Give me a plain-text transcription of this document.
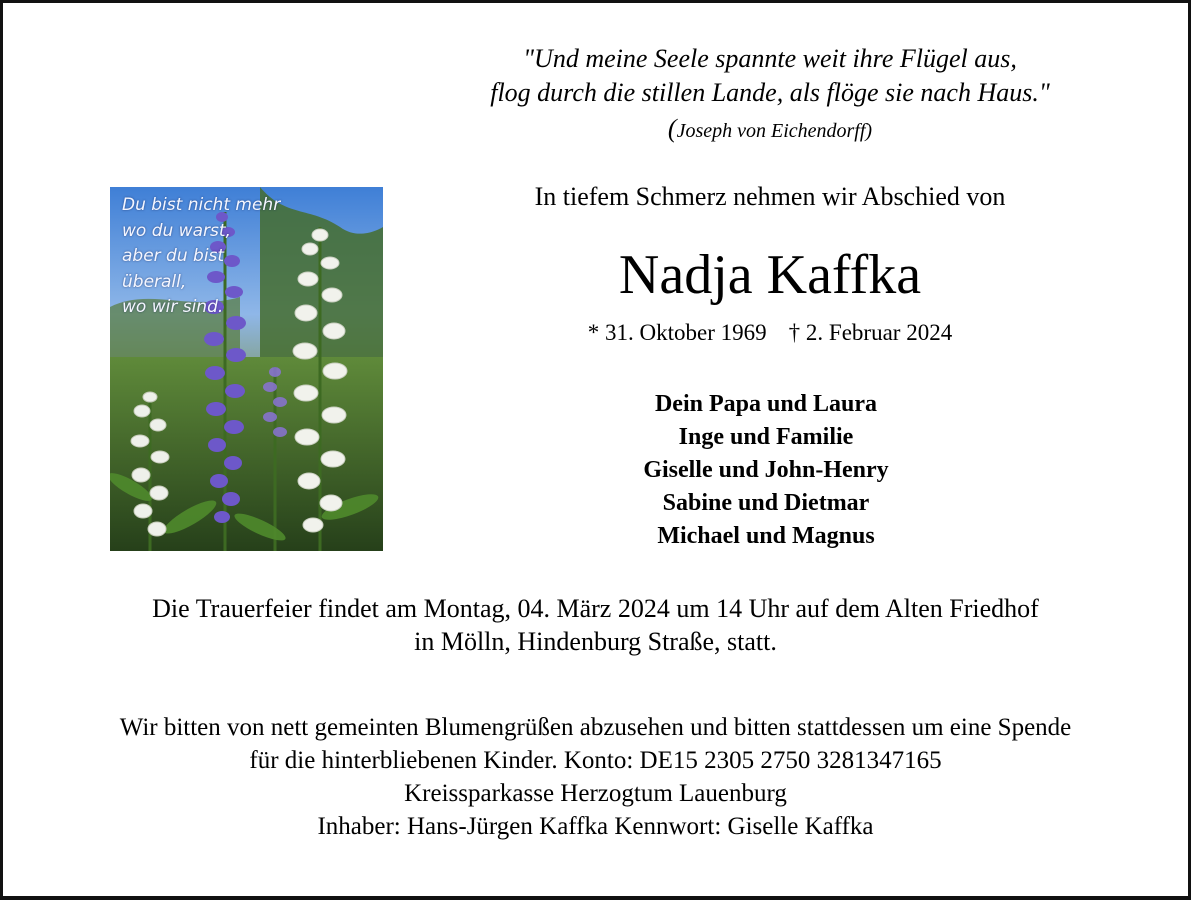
"Und meine Seele spannte weit ihre Flügel aus,
flog durch die stillen Lande, als flöge sie nach Haus."
(Joseph von Eichendorff)
Du bist nicht mehr
wo du warst,
aber du bist
überall,
wo wir sind.
In tiefem Schmerz nehmen wir Abschied von
Nadja Kaffka
* 31. Oktober 1969 † 2. Februar 2024
Dein Papa und Laura
Inge und Familie
Giselle und John-Henry
Sabine und Dietmar
Michael und Magnus
Die Trauerfeier findet am Montag, 04. März 2024 um 14 Uhr auf dem Alten Friedhof
in Mölln, Hindenburg Straße, statt.
Wir bitten von nett gemeinten Blumengrüßen abzusehen und bitten stattdessen um eine Spende
für die hinterbliebenen Kinder. Konto: DE15 2305 2750 3281347165
Kreissparkasse Herzogtum Lauenburg
Inhaber: Hans-Jürgen Kaffka Kennwort: Giselle Kaffka
